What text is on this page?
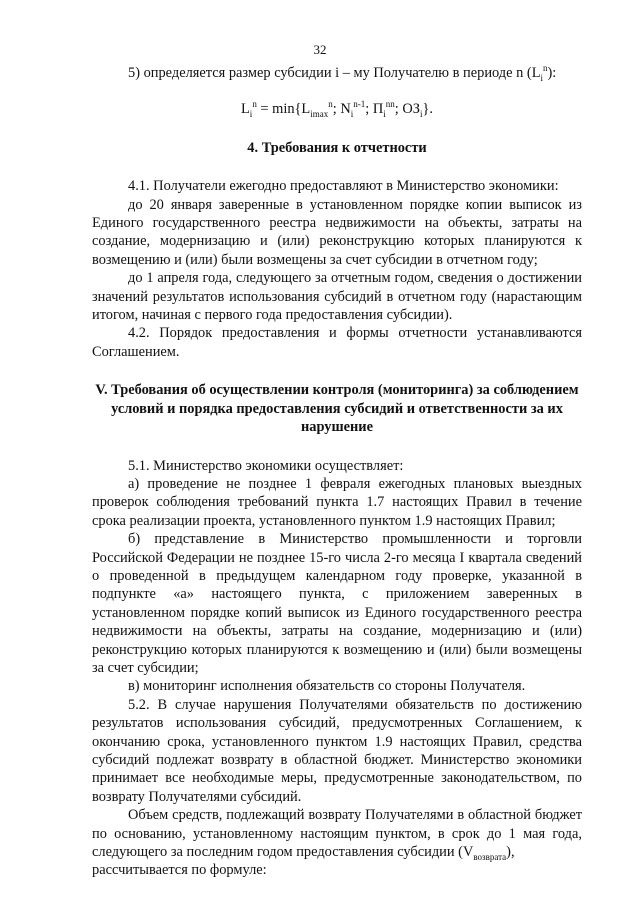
32

5) определяется размер субсидии i – му Получателю в периоде n $(L_i^n)$:

$L_i^n = \min\{L_{imax}^n$; $N_i^{n-1}$; $П_i^{nn}$; $ОЗ_i$}.
4. Требования к отчетности

4.1. Получатели ежегодно предоставляют в Министерство экономики:

до 20 января заверенные в установленном порядке копии выписок из Единого государственного реестра недвижимости на объекты, затраты на создание, модернизацию и (или) реконструкцию которых планируются к возмещению и (или) были возмещены за счет субсидии в отчетном году;

до 1 апреля года, следующего за отчетным годом, сведения о достижении значений результатов использования субсидий в отчетном году (нарастающим итогом, начиная с первого года предоставления субсидии).

4.2. Порядок предоставления и формы отчетности устанавливаются Соглашением.

V. Требования об осуществлении контроля (мониторинга) за соблюдением условий и порядка предоставления субсидий и ответственности за их нарушение

5.1. Министерство экономики осуществляет:

а) проведение не позднее 1 февраля ежегодных плановых выездных проверок соблюдения требований пункта 1.7 настоящих Правил в течение срока реализации проекта, установленного пунктом 1.9 настоящих Правил;

б) представление в Министерство промышленности и торговли Российской Федерации не позднее 15-го числа 2-го месяца I квартала сведений о проведенной в предыдущем календарном году проверке, указанной в подпункте «а» настоящего пункта, с приложением заверенных в установленном порядке копий выписок из Единого государственного реестра недвижимости на объекты, затраты на создание, модернизацию и (или) реконструкцию которых планируются к возмещению и (или) были возмещены за счет субсидии;

в) мониторинг исполнения обязательств со стороны Получателя.

5.2. В случае нарушения Получателями обязательств по достижению результатов использования субсидий, предусмотренных Соглашением, к окончанию срока, установленного пунктом 1.9 настоящих Правил, средства субсидий подлежат возврату в областной бюджет. Министерство экономики принимает все необходимые меры, предусмотренные законодательством, по возврату Получателями субсидий.

Объем средств, подлежащий возврату Получателями в областной бюджет по основанию, установленному настоящим пунктом, в срок до 1 мая года, следующего за последним годом предоставления субсидии $(V_{возврата})$,

рассчитывается по формуле:
